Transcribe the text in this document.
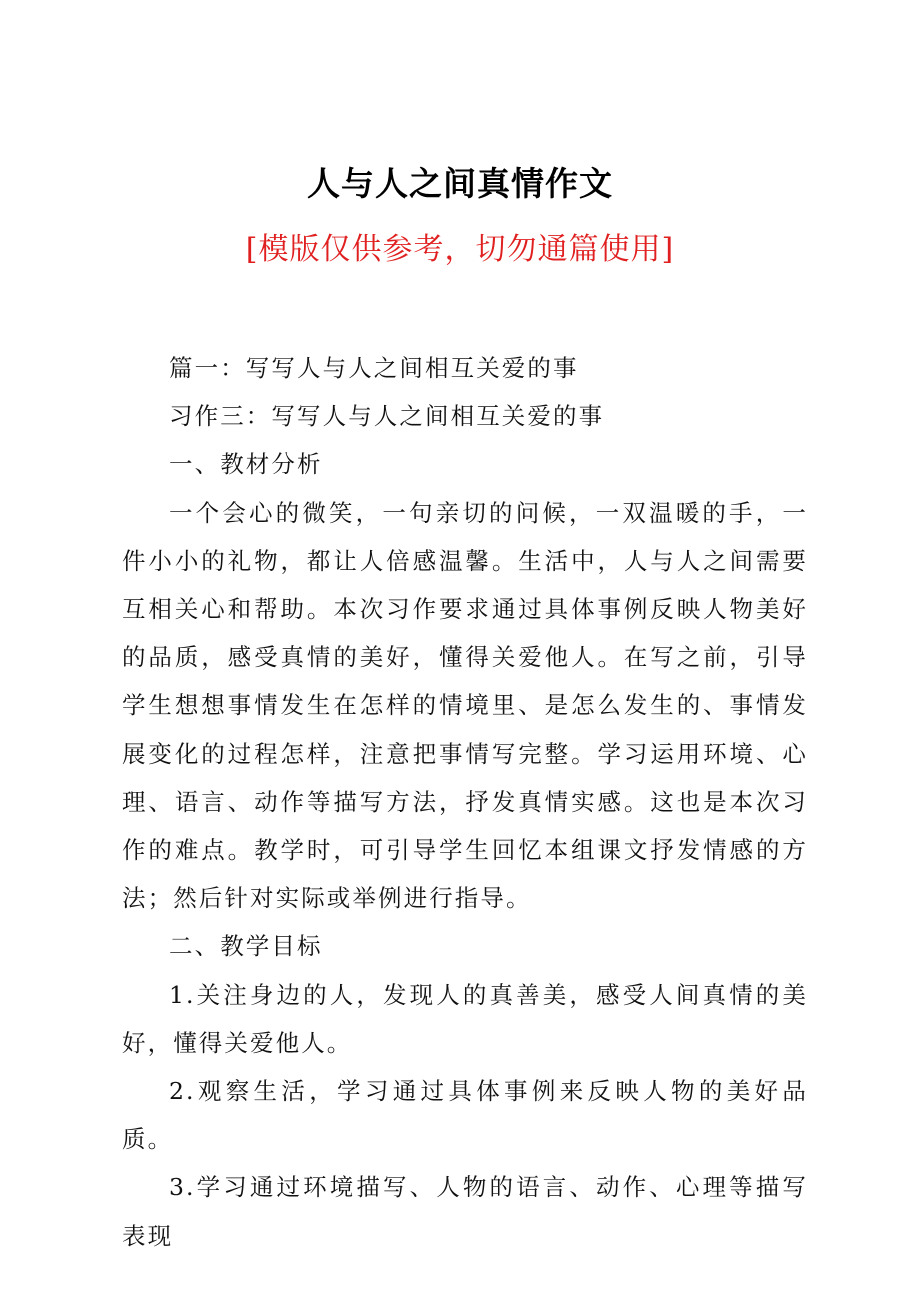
人与人之间真情作文
[模版仅供参考，切勿通篇使用]

篇一：写写人与人之间相互关爱的事

习作三：写写人与人之间相互关爱的事

一、教材分析

一个会心的微笑，一句亲切的问候，一双温暖的手，一件小小的礼物，都让人倍感温馨。生活中，人与人之间需要互相关心和帮助。本次习作要求通过具体事例反映人物美好的品质，感受真情的美好，懂得关爱他人。在写之前，引导学生想想事情发生在怎样的情境里、是怎么发生的、事情发展变化的过程怎样，注意把事情写完整。学习运用环境、心理、语言、动作等描写方法，抒发真情实感。这也是本次习作的难点。教学时，可引导学生回忆本组课文抒发情感的方法；然后针对实际或举例进行指导。

二、教学目标

1.关注身边的人，发现人的真善美，感受人间真情的美好，懂得关爱他人。

2.观察生活，学习通过具体事例来反映人物的美好品质。

3.学习通过环境描写、人物的语言、动作、心理等描写表现
